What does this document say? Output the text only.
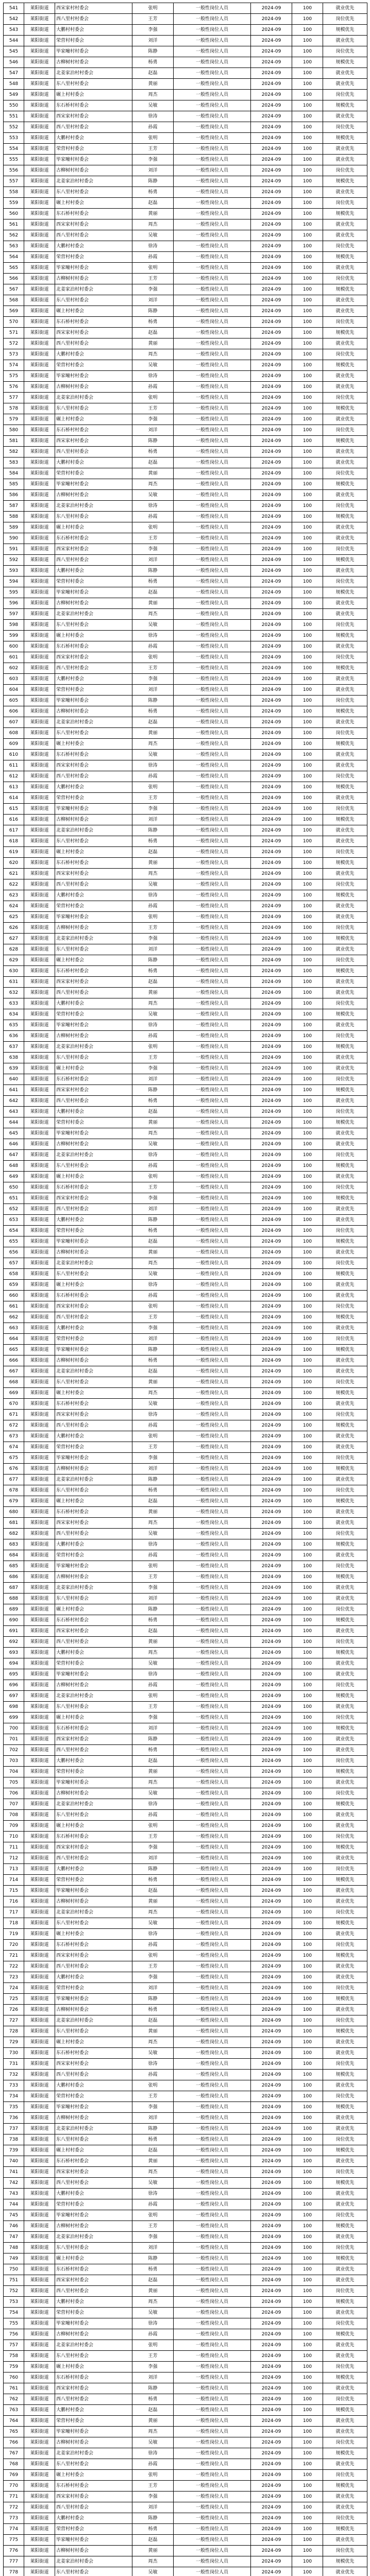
541	莱阳街道	西宋家村村委会	张明	一般性岗位人员	2024-09	100	就业优先
542	莱阳街道	西八里村村委会	王芳	一般性岗位人员	2024-09	100	岗位优先
543	莱阳街道	大鹏村村委会	李强	一般性岗位人员	2024-09	100	规模优先
544	莱阳街道	荣营村村委会	刘洋	一般性岗位人员	2024-09	100	就业优先
545	莱阳街道	毕家疃村村委会	陈静	一般性岗位人员	2024-09	100	岗位优先
546	莱阳街道	古柳树村村委会	杨勇	一般性岗位人员	2024-09	100	规模优先
547	莱阳街道	北姜家泊村村委会	赵磊	一般性岗位人员	2024-09	100	就业优先
548	莱阳街道	东八里村村委会	黄丽	一般性岗位人员	2024-09	100	就业优先
549	莱阳街道	碾上村村委会	周杰	一般性岗位人员	2024-09	100	岗位优先
550	莱阳街道	东石桥村村委会	吴敏	一般性岗位人员	2024-09	100	规模优先
551	莱阳街道	西宋家村村委会	徐涛	一般性岗位人员	2024-09	100	就业优先
552	莱阳街道	西八里村村委会	孙霞	一般性岗位人员	2024-09	100	岗位优先
553	莱阳街道	大鹏村村委会	张明	一般性岗位人员	2024-09	100	规模优先
554	莱阳街道	荣营村村委会	王芳	一般性岗位人员	2024-09	100	就业优先
555	莱阳街道	毕家疃村村委会	李强	一般性岗位人员	2024-09	100	就业优先
556	莱阳街道	古柳树村村委会	刘洋	一般性岗位人员	2024-09	100	岗位优先
557	莱阳街道	北姜家泊村村委会	陈静	一般性岗位人员	2024-09	100	规模优先
558	莱阳街道	东八里村村委会	杨勇	一般性岗位人员	2024-09	100	就业优先
559	莱阳街道	碾上村村委会	赵磊	一般性岗位人员	2024-09	100	岗位优先
560	莱阳街道	东石桥村村委会	黄丽	一般性岗位人员	2024-09	100	规模优先
561	莱阳街道	西宋家村村委会	周杰	一般性岗位人员	2024-09	100	就业优先
562	莱阳街道	西八里村村委会	吴敏	一般性岗位人员	2024-09	100	就业优先
563	莱阳街道	大鹏村村委会	徐涛	一般性岗位人员	2024-09	100	岗位优先
564	莱阳街道	荣营村村委会	孙霞	一般性岗位人员	2024-09	100	规模优先
565	莱阳街道	毕家疃村村委会	张明	一般性岗位人员	2024-09	100	就业优先
566	莱阳街道	古柳树村村委会	王芳	一般性岗位人员	2024-09	100	岗位优先
567	莱阳街道	北姜家泊村村委会	李强	一般性岗位人员	2024-09	100	规模优先
568	莱阳街道	东八里村村委会	刘洋	一般性岗位人员	2024-09	100	就业优先
569	莱阳街道	碾上村村委会	陈静	一般性岗位人员	2024-09	100	就业优先
570	莱阳街道	东石桥村村委会	杨勇	一般性岗位人员	2024-09	100	岗位优先
571	莱阳街道	西宋家村村委会	赵磊	一般性岗位人员	2024-09	100	规模优先
572	莱阳街道	西八里村村委会	黄丽	一般性岗位人员	2024-09	100	就业优先
573	莱阳街道	大鹏村村委会	周杰	一般性岗位人员	2024-09	100	岗位优先
574	莱阳街道	荣营村村委会	吴敏	一般性岗位人员	2024-09	100	规模优先
575	莱阳街道	毕家疃村村委会	徐涛	一般性岗位人员	2024-09	100	就业优先
576	莱阳街道	古柳树村村委会	孙霞	一般性岗位人员	2024-09	100	就业优先
577	莱阳街道	北姜家泊村村委会	张明	一般性岗位人员	2024-09	100	岗位优先
578	莱阳街道	东八里村村委会	王芳	一般性岗位人员	2024-09	100	规模优先
579	莱阳街道	碾上村村委会	李强	一般性岗位人员	2024-09	100	就业优先
580	莱阳街道	东石桥村村委会	刘洋	一般性岗位人员	2024-09	100	岗位优先
581	莱阳街道	西宋家村村委会	陈静	一般性岗位人员	2024-09	100	规模优先
582	莱阳街道	西八里村村委会	杨勇	一般性岗位人员	2024-09	100	就业优先
583	莱阳街道	大鹏村村委会	赵磊	一般性岗位人员	2024-09	100	就业优先
584	莱阳街道	荣营村村委会	黄丽	一般性岗位人员	2024-09	100	岗位优先
585	莱阳街道	毕家疃村村委会	周杰	一般性岗位人员	2024-09	100	规模优先
586	莱阳街道	古柳树村村委会	吴敏	一般性岗位人员	2024-09	100	就业优先
587	莱阳街道	北姜家泊村村委会	徐涛	一般性岗位人员	2024-09	100	岗位优先
588	莱阳街道	东八里村村委会	孙霞	一般性岗位人员	2024-09	100	规模优先
589	莱阳街道	碾上村村委会	张明	一般性岗位人员	2024-09	100	就业优先
590	莱阳街道	东石桥村村委会	王芳	一般性岗位人员	2024-09	100	就业优先
591	莱阳街道	西宋家村村委会	李强	一般性岗位人员	2024-09	100	岗位优先
592	莱阳街道	西八里村村委会	刘洋	一般性岗位人员	2024-09	100	规模优先
593	莱阳街道	大鹏村村委会	陈静	一般性岗位人员	2024-09	100	就业优先
594	莱阳街道	荣营村村委会	杨勇	一般性岗位人员	2024-09	100	岗位优先
595	莱阳街道	毕家疃村村委会	赵磊	一般性岗位人员	2024-09	100	规模优先
596	莱阳街道	古柳树村村委会	黄丽	一般性岗位人员	2024-09	100	就业优先
597	莱阳街道	北姜家泊村村委会	周杰	一般性岗位人员	2024-09	100	就业优先
598	莱阳街道	东八里村村委会	吴敏	一般性岗位人员	2024-09	100	岗位优先
599	莱阳街道	碾上村村委会	徐涛	一般性岗位人员	2024-09	100	规模优先
600	莱阳街道	东石桥村村委会	孙霞	一般性岗位人员	2024-09	100	就业优先
601	莱阳街道	西宋家村村委会	张明	一般性岗位人员	2024-09	100	岗位优先
602	莱阳街道	西八里村村委会	王芳	一般性岗位人员	2024-09	100	规模优先
603	莱阳街道	大鹏村村委会	李强	一般性岗位人员	2024-09	100	就业优先
604	莱阳街道	荣营村村委会	刘洋	一般性岗位人员	2024-09	100	就业优先
605	莱阳街道	毕家疃村村委会	陈静	一般性岗位人员	2024-09	100	岗位优先
606	莱阳街道	古柳树村村委会	杨勇	一般性岗位人员	2024-09	100	规模优先
607	莱阳街道	北姜家泊村村委会	赵磊	一般性岗位人员	2024-09	100	就业优先
608	莱阳街道	东八里村村委会	黄丽	一般性岗位人员	2024-09	100	岗位优先
609	莱阳街道	碾上村村委会	周杰	一般性岗位人员	2024-09	100	规模优先
610	莱阳街道	东石桥村村委会	吴敏	一般性岗位人员	2024-09	100	就业优先
611	莱阳街道	西宋家村村委会	徐涛	一般性岗位人员	2024-09	100	就业优先
612	莱阳街道	西八里村村委会	孙霞	一般性岗位人员	2024-09	100	岗位优先
613	莱阳街道	大鹏村村委会	张明	一般性岗位人员	2024-09	100	规模优先
614	莱阳街道	荣营村村委会	王芳	一般性岗位人员	2024-09	100	就业优先
615	莱阳街道	毕家疃村村委会	李强	一般性岗位人员	2024-09	100	岗位优先
616	莱阳街道	古柳树村村委会	刘洋	一般性岗位人员	2024-09	100	规模优先
617	莱阳街道	北姜家泊村村委会	陈静	一般性岗位人员	2024-09	100	就业优先
618	莱阳街道	东八里村村委会	杨勇	一般性岗位人员	2024-09	100	就业优先
619	莱阳街道	碾上村村委会	赵磊	一般性岗位人员	2024-09	100	岗位优先
620	莱阳街道	东石桥村村委会	黄丽	一般性岗位人员	2024-09	100	规模优先
621	莱阳街道	西宋家村村委会	周杰	一般性岗位人员	2024-09	100	就业优先
622	莱阳街道	西八里村村委会	吴敏	一般性岗位人员	2024-09	100	岗位优先
623	莱阳街道	大鹏村村委会	徐涛	一般性岗位人员	2024-09	100	规模优先
624	莱阳街道	荣营村村委会	孙霞	一般性岗位人员	2024-09	100	就业优先
625	莱阳街道	毕家疃村村委会	张明	一般性岗位人员	2024-09	100	就业优先
626	莱阳街道	古柳树村村委会	王芳	一般性岗位人员	2024-09	100	岗位优先
627	莱阳街道	北姜家泊村村委会	李强	一般性岗位人员	2024-09	100	规模优先
628	莱阳街道	东八里村村委会	刘洋	一般性岗位人员	2024-09	100	就业优先
629	莱阳街道	碾上村村委会	陈静	一般性岗位人员	2024-09	100	岗位优先
630	莱阳街道	东石桥村村委会	杨勇	一般性岗位人员	2024-09	100	规模优先
631	莱阳街道	西宋家村村委会	赵磊	一般性岗位人员	2024-09	100	就业优先
632	莱阳街道	西八里村村委会	黄丽	一般性岗位人员	2024-09	100	就业优先
633	莱阳街道	大鹏村村委会	周杰	一般性岗位人员	2024-09	100	岗位优先
634	莱阳街道	荣营村村委会	吴敏	一般性岗位人员	2024-09	100	规模优先
635	莱阳街道	毕家疃村村委会	徐涛	一般性岗位人员	2024-09	100	就业优先
636	莱阳街道	古柳树村村委会	孙霞	一般性岗位人员	2024-09	100	岗位优先
637	莱阳街道	北姜家泊村村委会	张明	一般性岗位人员	2024-09	100	规模优先
638	莱阳街道	东八里村村委会	王芳	一般性岗位人员	2024-09	100	就业优先
639	莱阳街道	碾上村村委会	李强	一般性岗位人员	2024-09	100	就业优先
640	莱阳街道	东石桥村村委会	刘洋	一般性岗位人员	2024-09	100	岗位优先
641	莱阳街道	西宋家村村委会	陈静	一般性岗位人员	2024-09	100	规模优先
642	莱阳街道	西八里村村委会	杨勇	一般性岗位人员	2024-09	100	就业优先
643	莱阳街道	大鹏村村委会	赵磊	一般性岗位人员	2024-09	100	岗位优先
644	莱阳街道	荣营村村委会	黄丽	一般性岗位人员	2024-09	100	规模优先
645	莱阳街道	毕家疃村村委会	周杰	一般性岗位人员	2024-09	100	就业优先
646	莱阳街道	古柳树村村委会	吴敏	一般性岗位人员	2024-09	100	就业优先
647	莱阳街道	北姜家泊村村委会	徐涛	一般性岗位人员	2024-09	100	岗位优先
648	莱阳街道	东八里村村委会	孙霞	一般性岗位人员	2024-09	100	规模优先
649	莱阳街道	碾上村村委会	张明	一般性岗位人员	2024-09	100	就业优先
650	莱阳街道	东石桥村村委会	王芳	一般性岗位人员	2024-09	100	岗位优先
651	莱阳街道	西宋家村村委会	李强	一般性岗位人员	2024-09	100	规模优先
652	莱阳街道	西八里村村委会	刘洋	一般性岗位人员	2024-09	100	就业优先
653	莱阳街道	大鹏村村委会	陈静	一般性岗位人员	2024-09	100	就业优先
654	莱阳街道	荣营村村委会	杨勇	一般性岗位人员	2024-09	100	岗位优先
655	莱阳街道	毕家疃村村委会	赵磊	一般性岗位人员	2024-09	100	规模优先
656	莱阳街道	古柳树村村委会	黄丽	一般性岗位人员	2024-09	100	就业优先
657	莱阳街道	北姜家泊村村委会	周杰	一般性岗位人员	2024-09	100	岗位优先
658	莱阳街道	东八里村村委会	吴敏	一般性岗位人员	2024-09	100	规模优先
659	莱阳街道	碾上村村委会	徐涛	一般性岗位人员	2024-09	100	就业优先
660	莱阳街道	东石桥村村委会	孙霞	一般性岗位人员	2024-09	100	就业优先
661	莱阳街道	西宋家村村委会	张明	一般性岗位人员	2024-09	100	岗位优先
662	莱阳街道	西八里村村委会	王芳	一般性岗位人员	2024-09	100	规模优先
663	莱阳街道	大鹏村村委会	李强	一般性岗位人员	2024-09	100	就业优先
664	莱阳街道	荣营村村委会	刘洋	一般性岗位人员	2024-09	100	岗位优先
665	莱阳街道	毕家疃村村委会	陈静	一般性岗位人员	2024-09	100	规模优先
666	莱阳街道	古柳树村村委会	杨勇	一般性岗位人员	2024-09	100	就业优先
667	莱阳街道	北姜家泊村村委会	赵磊	一般性岗位人员	2024-09	100	就业优先
668	莱阳街道	东八里村村委会	黄丽	一般性岗位人员	2024-09	100	岗位优先
669	莱阳街道	碾上村村委会	周杰	一般性岗位人员	2024-09	100	规模优先
670	莱阳街道	东石桥村村委会	吴敏	一般性岗位人员	2024-09	100	就业优先
671	莱阳街道	西宋家村村委会	徐涛	一般性岗位人员	2024-09	100	岗位优先
672	莱阳街道	西八里村村委会	孙霞	一般性岗位人员	2024-09	100	规模优先
673	莱阳街道	大鹏村村委会	张明	一般性岗位人员	2024-09	100	就业优先
674	莱阳街道	荣营村村委会	王芳	一般性岗位人员	2024-09	100	就业优先
675	莱阳街道	毕家疃村村委会	李强	一般性岗位人员	2024-09	100	岗位优先
676	莱阳街道	古柳树村村委会	刘洋	一般性岗位人员	2024-09	100	规模优先
677	莱阳街道	北姜家泊村村委会	陈静	一般性岗位人员	2024-09	100	就业优先
678	莱阳街道	东八里村村委会	杨勇	一般性岗位人员	2024-09	100	岗位优先
679	莱阳街道	碾上村村委会	赵磊	一般性岗位人员	2024-09	100	规模优先
680	莱阳街道	东石桥村村委会	黄丽	一般性岗位人员	2024-09	100	就业优先
681	莱阳街道	西宋家村村委会	周杰	一般性岗位人员	2024-09	100	就业优先
682	莱阳街道	西八里村村委会	吴敏	一般性岗位人员	2024-09	100	岗位优先
683	莱阳街道	大鹏村村委会	徐涛	一般性岗位人员	2024-09	100	规模优先
684	莱阳街道	荣营村村委会	孙霞	一般性岗位人员	2024-09	100	就业优先
685	莱阳街道	毕家疃村村委会	张明	一般性岗位人员	2024-09	100	岗位优先
686	莱阳街道	古柳树村村委会	王芳	一般性岗位人员	2024-09	100	规模优先
687	莱阳街道	北姜家泊村村委会	李强	一般性岗位人员	2024-09	100	就业优先
688	莱阳街道	东八里村村委会	刘洋	一般性岗位人员	2024-09	100	就业优先
689	莱阳街道	碾上村村委会	陈静	一般性岗位人员	2024-09	100	岗位优先
690	莱阳街道	东石桥村村委会	杨勇	一般性岗位人员	2024-09	100	规模优先
691	莱阳街道	西宋家村村委会	赵磊	一般性岗位人员	2024-09	100	就业优先
692	莱阳街道	西八里村村委会	黄丽	一般性岗位人员	2024-09	100	岗位优先
693	莱阳街道	大鹏村村委会	周杰	一般性岗位人员	2024-09	100	规模优先
694	莱阳街道	荣营村村委会	吴敏	一般性岗位人员	2024-09	100	就业优先
695	莱阳街道	毕家疃村村委会	徐涛	一般性岗位人员	2024-09	100	就业优先
696	莱阳街道	古柳树村村委会	孙霞	一般性岗位人员	2024-09	100	岗位优先
697	莱阳街道	北姜家泊村村委会	张明	一般性岗位人员	2024-09	100	规模优先
698	莱阳街道	东八里村村委会	王芳	一般性岗位人员	2024-09	100	就业优先
699	莱阳街道	碾上村村委会	李强	一般性岗位人员	2024-09	100	岗位优先
700	莱阳街道	东石桥村村委会	刘洋	一般性岗位人员	2024-09	100	规模优先
701	莱阳街道	西宋家村村委会	陈静	一般性岗位人员	2024-09	100	就业优先
702	莱阳街道	西八里村村委会	杨勇	一般性岗位人员	2024-09	100	就业优先
703	莱阳街道	大鹏村村委会	赵磊	一般性岗位人员	2024-09	100	岗位优先
704	莱阳街道	荣营村村委会	黄丽	一般性岗位人员	2024-09	100	规模优先
705	莱阳街道	毕家疃村村委会	周杰	一般性岗位人员	2024-09	100	就业优先
706	莱阳街道	古柳树村村委会	吴敏	一般性岗位人员	2024-09	100	岗位优先
707	莱阳街道	北姜家泊村村委会	徐涛	一般性岗位人员	2024-09	100	规模优先
708	莱阳街道	东八里村村委会	孙霞	一般性岗位人员	2024-09	100	就业优先
709	莱阳街道	碾上村村委会	张明	一般性岗位人员	2024-09	100	就业优先
710	莱阳街道	东石桥村村委会	王芳	一般性岗位人员	2024-09	100	岗位优先
711	莱阳街道	西宋家村村委会	李强	一般性岗位人员	2024-09	100	规模优先
712	莱阳街道	西八里村村委会	刘洋	一般性岗位人员	2024-09	100	就业优先
713	莱阳街道	大鹏村村委会	陈静	一般性岗位人员	2024-09	100	岗位优先
714	莱阳街道	荣营村村委会	杨勇	一般性岗位人员	2024-09	100	规模优先
715	莱阳街道	毕家疃村村委会	赵磊	一般性岗位人员	2024-09	100	就业优先
716	莱阳街道	古柳树村村委会	黄丽	一般性岗位人员	2024-09	100	就业优先
717	莱阳街道	北姜家泊村村委会	周杰	一般性岗位人员	2024-09	100	岗位优先
718	莱阳街道	东八里村村委会	吴敏	一般性岗位人员	2024-09	100	规模优先
719	莱阳街道	碾上村村委会	徐涛	一般性岗位人员	2024-09	100	就业优先
720	莱阳街道	东石桥村村委会	孙霞	一般性岗位人员	2024-09	100	岗位优先
721	莱阳街道	西宋家村村委会	张明	一般性岗位人员	2024-09	100	规模优先
722	莱阳街道	西八里村村委会	王芳	一般性岗位人员	2024-09	100	就业优先
723	莱阳街道	大鹏村村委会	李强	一般性岗位人员	2024-09	100	就业优先
724	莱阳街道	荣营村村委会	刘洋	一般性岗位人员	2024-09	100	岗位优先
725	莱阳街道	毕家疃村村委会	陈静	一般性岗位人员	2024-09	100	规模优先
726	莱阳街道	古柳树村村委会	杨勇	一般性岗位人员	2024-09	100	就业优先
727	莱阳街道	北姜家泊村村委会	赵磊	一般性岗位人员	2024-09	100	岗位优先
728	莱阳街道	东八里村村委会	黄丽	一般性岗位人员	2024-09	100	规模优先
729	莱阳街道	碾上村村委会	周杰	一般性岗位人员	2024-09	100	就业优先
730	莱阳街道	东石桥村村委会	吴敏	一般性岗位人员	2024-09	100	就业优先
731	莱阳街道	西宋家村村委会	徐涛	一般性岗位人员	2024-09	100	岗位优先
732	莱阳街道	西八里村村委会	孙霞	一般性岗位人员	2024-09	100	规模优先
733	莱阳街道	大鹏村村委会	张明	一般性岗位人员	2024-09	100	就业优先
734	莱阳街道	荣营村村委会	王芳	一般性岗位人员	2024-09	100	岗位优先
735	莱阳街道	毕家疃村村委会	李强	一般性岗位人员	2024-09	100	规模优先
736	莱阳街道	古柳树村村委会	刘洋	一般性岗位人员	2024-09	100	就业优先
737	莱阳街道	北姜家泊村村委会	陈静	一般性岗位人员	2024-09	100	就业优先
738	莱阳街道	东八里村村委会	杨勇	一般性岗位人员	2024-09	100	岗位优先
739	莱阳街道	碾上村村委会	赵磊	一般性岗位人员	2024-09	100	规模优先
740	莱阳街道	东石桥村村委会	黄丽	一般性岗位人员	2024-09	100	就业优先
741	莱阳街道	西宋家村村委会	周杰	一般性岗位人员	2024-09	100	岗位优先
742	莱阳街道	西八里村村委会	吴敏	一般性岗位人员	2024-09	100	规模优先
743	莱阳街道	大鹏村村委会	徐涛	一般性岗位人员	2024-09	100	就业优先
744	莱阳街道	荣营村村委会	孙霞	一般性岗位人员	2024-09	100	就业优先
745	莱阳街道	毕家疃村村委会	张明	一般性岗位人员	2024-09	100	岗位优先
746	莱阳街道	古柳树村村委会	王芳	一般性岗位人员	2024-09	100	规模优先
747	莱阳街道	北姜家泊村村委会	李强	一般性岗位人员	2024-09	100	就业优先
748	莱阳街道	东八里村村委会	刘洋	一般性岗位人员	2024-09	100	岗位优先
749	莱阳街道	碾上村村委会	陈静	一般性岗位人员	2024-09	100	规模优先
750	莱阳街道	东石桥村村委会	杨勇	一般性岗位人员	2024-09	100	就业优先
751	莱阳街道	西宋家村村委会	赵磊	一般性岗位人员	2024-09	100	就业优先
752	莱阳街道	西八里村村委会	黄丽	一般性岗位人员	2024-09	100	岗位优先
753	莱阳街道	大鹏村村委会	周杰	一般性岗位人员	2024-09	100	规模优先
754	莱阳街道	荣营村村委会	吴敏	一般性岗位人员	2024-09	100	就业优先
755	莱阳街道	毕家疃村村委会	徐涛	一般性岗位人员	2024-09	100	岗位优先
756	莱阳街道	古柳树村村委会	孙霞	一般性岗位人员	2024-09	100	规模优先
757	莱阳街道	北姜家泊村村委会	张明	一般性岗位人员	2024-09	100	就业优先
758	莱阳街道	东八里村村委会	王芳	一般性岗位人员	2024-09	100	就业优先
759	莱阳街道	碾上村村委会	李强	一般性岗位人员	2024-09	100	岗位优先
760	莱阳街道	东石桥村村委会	刘洋	一般性岗位人员	2024-09	100	规模优先
761	莱阳街道	西宋家村村委会	陈静	一般性岗位人员	2024-09	100	就业优先
762	莱阳街道	西八里村村委会	杨勇	一般性岗位人员	2024-09	100	岗位优先
763	莱阳街道	大鹏村村委会	赵磊	一般性岗位人员	2024-09	100	规模优先
764	莱阳街道	荣营村村委会	黄丽	一般性岗位人员	2024-09	100	就业优先
765	莱阳街道	毕家疃村村委会	周杰	一般性岗位人员	2024-09	100	就业优先
766	莱阳街道	古柳树村村委会	吴敏	一般性岗位人员	2024-09	100	岗位优先
767	莱阳街道	北姜家泊村村委会	徐涛	一般性岗位人员	2024-09	100	规模优先
768	莱阳街道	东八里村村委会	孙霞	一般性岗位人员	2024-09	100	就业优先
769	莱阳街道	碾上村村委会	张明	一般性岗位人员	2024-09	100	岗位优先
770	莱阳街道	东石桥村村委会	王芳	一般性岗位人员	2024-09	100	规模优先
771	莱阳街道	西宋家村村委会	李强	一般性岗位人员	2024-09	100	就业优先
772	莱阳街道	西八里村村委会	刘洋	一般性岗位人员	2024-09	100	就业优先
773	莱阳街道	大鹏村村委会	陈静	一般性岗位人员	2024-09	100	岗位优先
774	莱阳街道	荣营村村委会	杨勇	一般性岗位人员	2024-09	100	规模优先
775	莱阳街道	毕家疃村村委会	赵磊	一般性岗位人员	2024-09	100	就业优先
776	莱阳街道	古柳树村村委会	黄丽	一般性岗位人员	2024-09	100	岗位优先
777	莱阳街道	北姜家泊村村委会	周杰	一般性岗位人员	2024-09	100	规模优先
778	莱阳街道	东八里村村委会	吴敏	一般性岗位人员	2024-09	100	就业优先
